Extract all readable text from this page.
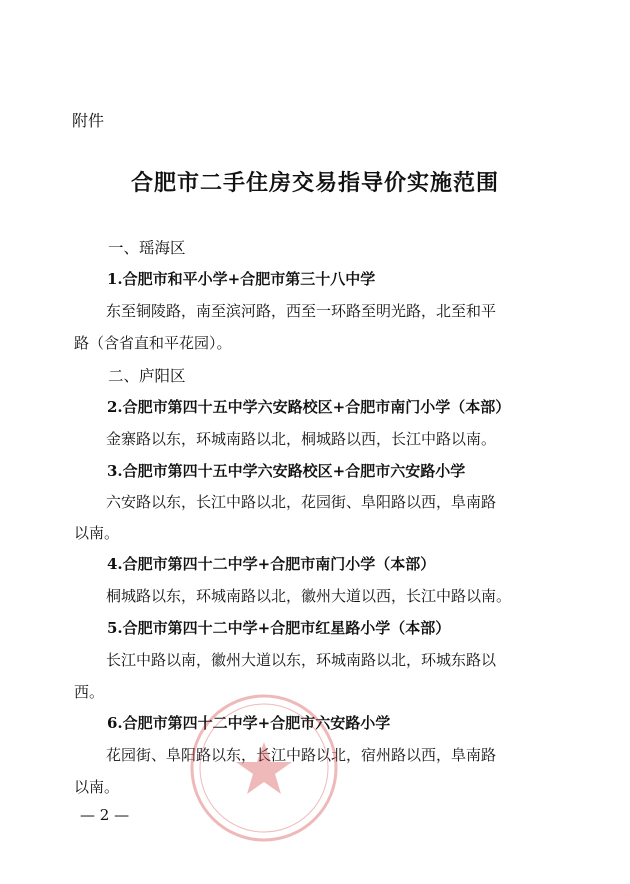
附件
合肥市二手住房交易指导价实施范围
一、瑶海区
1.合肥市和平小学+合肥市第三十八中学
东至铜陵路，南至滨河路，西至一环路至明光路，北至和平
路（含省直和平花园）。
二、庐阳区
2.合肥市第四十五中学六安路校区+合肥市南门小学（本部）
金寨路以东，环城南路以北，桐城路以西，长江中路以南。
3.合肥市第四十五中学六安路校区+合肥市六安路小学
六安路以东，长江中路以北，花园街、阜阳路以西，阜南路
以南。
4.合肥市第四十二中学+合肥市南门小学（本部）
桐城路以东，环城南路以北，徽州大道以西，长江中路以南。
5.合肥市第四十二中学+合肥市红星路小学（本部）
长江中路以南，徽州大道以东，环城南路以北，环城东路以
西。
6.合肥市第四十二中学+合肥市六安路小学
花园街、阜阳路以东，长江中路以北，宿州路以西，阜南路
以南。
— 2 —
